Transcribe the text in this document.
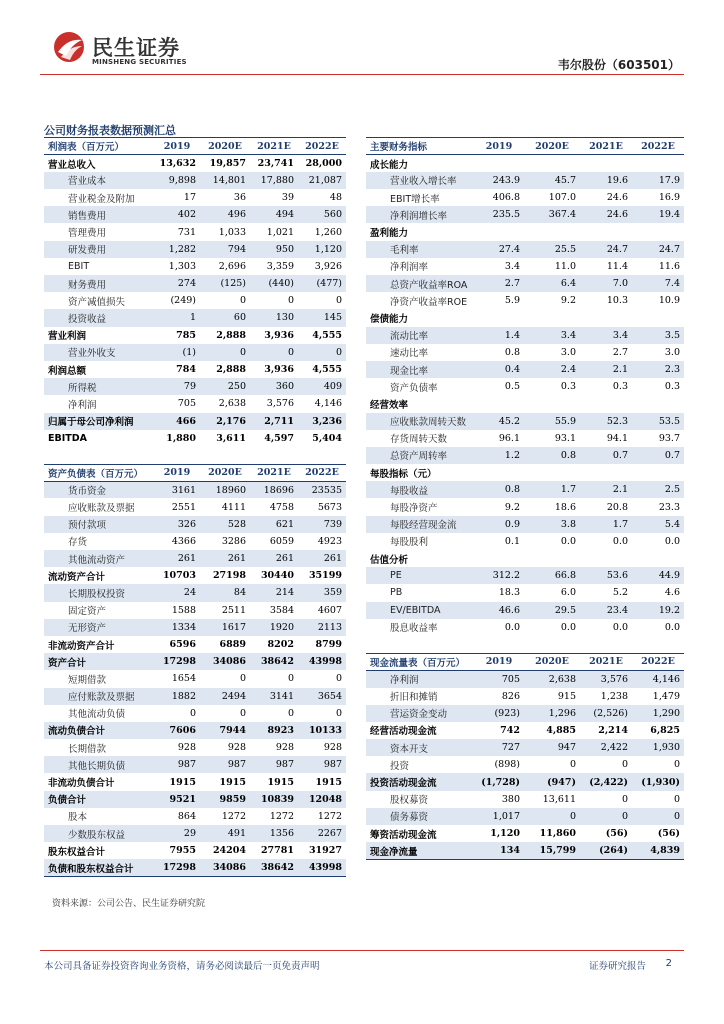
民生证券
MINSHENG SECURITIES	韦尔股份（603501）
公司财务报表数据预测汇总
利润表（百万元）	2019	2020E	2021E	2022E
营业总收入	13,632	19,857	23,741	28,000
营业成本	9,898	14,801	17,880	21,087
营业税金及附加	17	36	39	48
销售费用	402	496	494	560
管理费用	731	1,033	1,021	1,260
研发费用	1,282	794	950	1,120
EBIT	1,303	2,696	3,359	3,926
财务费用	274	(125)	(440)	(477)
资产减值损失	(249)	0	0	0
投资收益	1	60	130	145
营业利润	785	2,888	3,936	4,555
营业外收支	(1)	0	0	0
利润总额	784	2,888	3,936	4,555
所得税	79	250	360	409
净利润	705	2,638	3,576	4,146
归属于母公司净利润	466	2,176	2,711	3,236
EBITDA	1,880	3,611	4,597	5,404

资产负债表（百万元）	2019	2020E	2021E	2022E
货币资金	3161	18960	18696	23535
应收账款及票据	2551	4111	4758	5673
预付款项	326	528	621	739
存货	4366	3286	6059	4923
其他流动资产	261	261	261	261
流动资产合计	10703	27198	30440	35199
长期股权投资	24	84	214	359
固定资产	1588	2511	3584	4607
无形资产	1334	1617	1920	2113
非流动资产合计	6596	6889	8202	8799
资产合计	17298	34086	38642	43998
短期借款	1654	0	0	0
应付账款及票据	1882	2494	3141	3654
其他流动负债	0	0	0	0
流动负债合计	7606	7944	8923	10133
长期借款	928	928	928	928
其他长期负债	987	987	987	987
非流动负债合计	1915	1915	1915	1915
负债合计	9521	9859	10839	12048
股本	864	1272	1272	1272
少数股东权益	29	491	1356	2267
股东权益合计	7955	24204	27781	31927
负债和股东权益合计	17298	34086	38642	43998
主要财务指标	2019	2020E	2021E	2022E
成长能力				
营业收入增长率	243.9	45.7	19.6	17.9
EBIT增长率	406.8	107.0	24.6	16.9
净利润增长率	235.5	367.4	24.6	19.4
盈利能力				
毛利率	27.4	25.5	24.7	24.7
净利润率	3.4	11.0	11.4	11.6
总资产收益率ROA	2.7	6.4	7.0	7.4
净资产收益率ROE	5.9	9.2	10.3	10.9
偿债能力				
流动比率	1.4	3.4	3.4	3.5
速动比率	0.8	3.0	2.7	3.0
现金比率	0.4	2.4	2.1	2.3
资产负债率	0.5	0.3	0.3	0.3
经营效率				
应收账款周转天数	45.2	55.9	52.3	53.5
存货周转天数	96.1	93.1	94.1	93.7
总资产周转率	1.2	0.8	0.7	0.7
每股指标（元）				
每股收益	0.8	1.7	2.1	2.5
每股净资产	9.2	18.6	20.8	23.3
每股经营现金流	0.9	3.8	1.7	5.4
每股股利	0.1	0.0	0.0	0.0
估值分析				
PE	312.2	66.8	53.6	44.9
PB	18.3	6.0	5.2	4.6
EV/EBITDA	46.6	29.5	23.4	19.2
股息收益率	0.0	0.0	0.0	0.0

现金流量表（百万元）	2019	2020E	2021E	2022E
净利润	705	2,638	3,576	4,146
折旧和摊销	826	915	1,238	1,479
营运资金变动	(923)	1,296	(2,526)	1,290
经营活动现金流	742	4,885	2,214	6,825
资本开支	727	947	2,422	1,930
投资	(898)	0	0	0
投资活动现金流	(1,728)	(947)	(2,422)	(1,930)
股权募资	380	13,611	0	0
债务募资	1,017	0	0	0
筹资活动现金流	1,120	11,860	(56)	(56)
现金净流量	134	15,799	(264)	4,839
资料来源：公司公告、民生证券研究院
本公司具备证券投资咨询业务资格，请务必阅读最后一页免责声明	证券研究报告 2
